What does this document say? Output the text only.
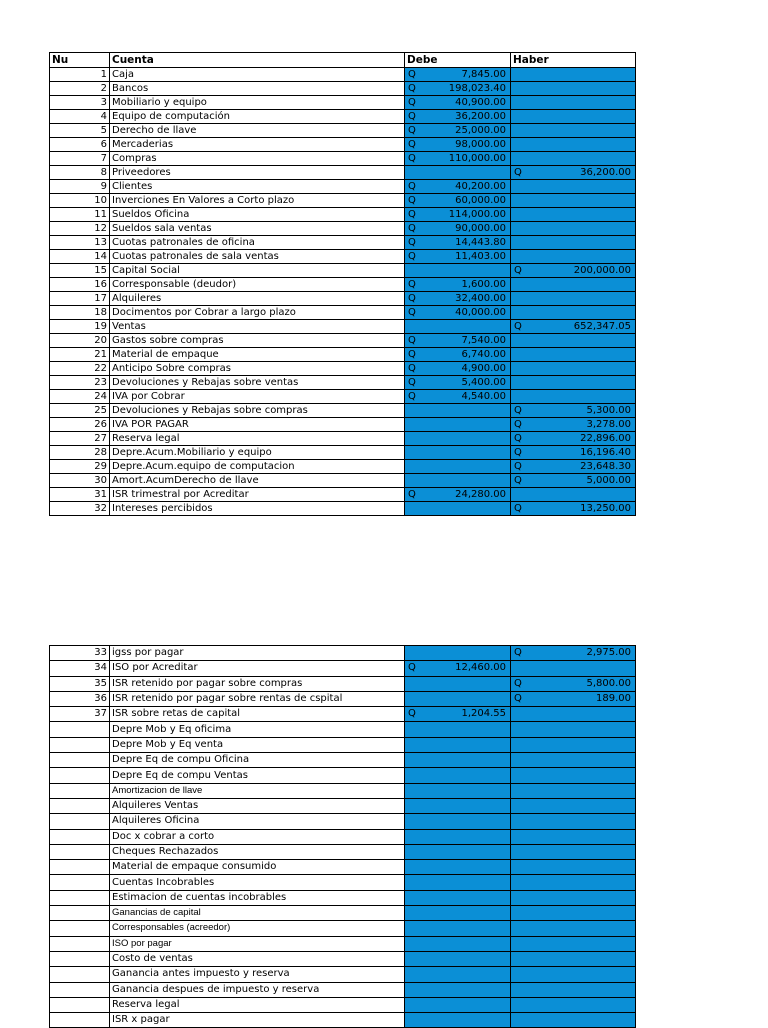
Nu	Cuenta	Debe	Haber
1	Caja	Q 7,845.00	

2	Bancos	Q 198,023.40	

3	Mobiliario y equipo	Q 40,900.00	

4	Equipo de computación	Q 36,200.00	

5	Derecho de llave	Q 25,000.00	

6	Mercaderias	Q 98,000.00	

7	Compras	Q 110,000.00	

8	Priveedores		Q 36,200.00

9	Clientes	Q 40,200.00	

10	Inverciones En Valores a Corto plazo	Q 60,000.00	

11	Sueldos Oficina	Q 114,000.00	

12	Sueldos sala ventas	Q 90,000.00	

13	Cuotas patronales de oficina	Q 14,443.80	

14	Cuotas patronales de sala ventas	Q 11,403.00	

15	Capital Social		Q 200,000.00

16	Corresponsable (deudor)	Q 1,600.00	

17	Alquileres	Q 32,400.00	

18	Docimentos por Cobrar a largo plazo	Q 40,000.00	

19	Ventas		Q 652,347.05

20	Gastos sobre compras	Q 7,540.00	

21	Material de empaque	Q 6,740.00	

22	Anticipo Sobre compras	Q 4,900.00	

23	Devoluciones y Rebajas sobre ventas	Q 5,400.00	

24	IVA por Cobrar	Q 4,540.00	

25	Devoluciones y Rebajas sobre compras		Q 5,300.00

26	IVA POR PAGAR		Q 3,278.00

27	Reserva legal		Q 22,896.00

28	Depre.Acum.Mobiliario y equipo		Q 16,196.40

29	Depre.Acum.equipo de computacion		Q 23,648.30

30	Amort.AcumDerecho de llave		Q 5,000.00

31	ISR trimestral por Acreditar	Q 24,280.00	

32	Intereses percibidos		Q 13,250.00
33	igss por pagar		Q 2,975.00

34	ISO por Acreditar	Q 12,460.00	

35	ISR retenido por pagar sobre compras		Q 5,800.00

36	ISR retenido por pagar sobre rentas de cspital		Q 189.00

37	ISR sobre retas de capital	Q 1,204.55	

	Depre Mob y Eq oficima		
	Depre Mob y Eq venta		
	Depre Eq de compu Oficina		
	Depre Eq de compu Ventas		
	Amortizacion de llave		
	Alquileres Ventas		
	Alquileres Oficina		
	Doc x cobrar a corto		
	Cheques Rechazados		
	Material de empaque consumido		
	Cuentas Incobrables		
	Estimacion de cuentas incobrables		
	Ganancias de capital		
	Corresponsables (acreedor)		
	ISO por pagar		
	Costo de ventas		
	Ganancia antes impuesto y reserva		
	Ganancia despues de impuesto y reserva		
	Reserva legal		
	ISR x pagar		
